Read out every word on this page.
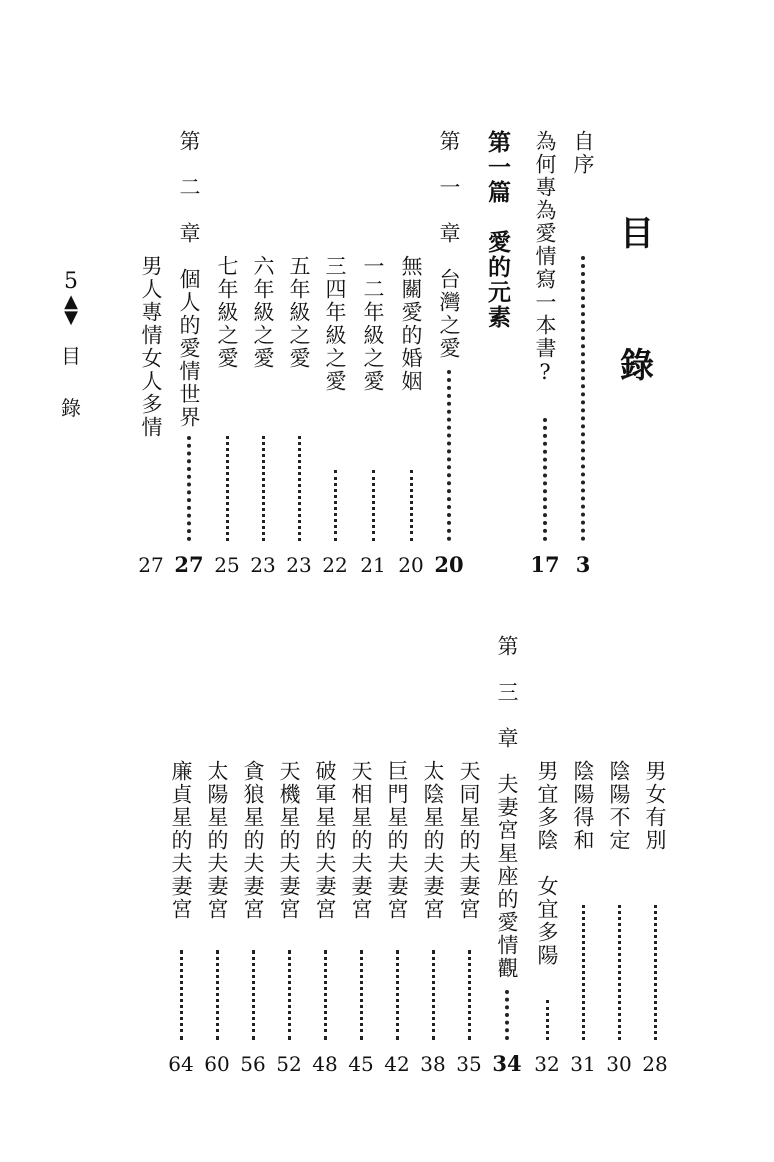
目
錄
5
▲
▼
目
錄
自序
3
為何專為愛情寫一本書?
17
第一篇　愛的元素
第　一　章　台灣之愛
20
無關愛的婚姻
20
一二年級之愛
21
三四年級之愛
22
五年級之愛
23
六年級之愛
23
七年級之愛
25
第　二　章　個人的愛情世界
27
男人專情女人多情
27
男女有別
28
陰陽不定
30
陰陽得和
31
男宜多陰　女宜多陽
32
第　三　章　夫妻宮星座的愛情觀
34
天同星的夫妻宮
35
太陰星的夫妻宮
38
巨門星的夫妻宮
42
天相星的夫妻宮
45
破軍星的夫妻宮
48
天機星的夫妻宮
52
貪狼星的夫妻宮
56
太陽星的夫妻宮
60
廉貞星的夫妻宮
64
